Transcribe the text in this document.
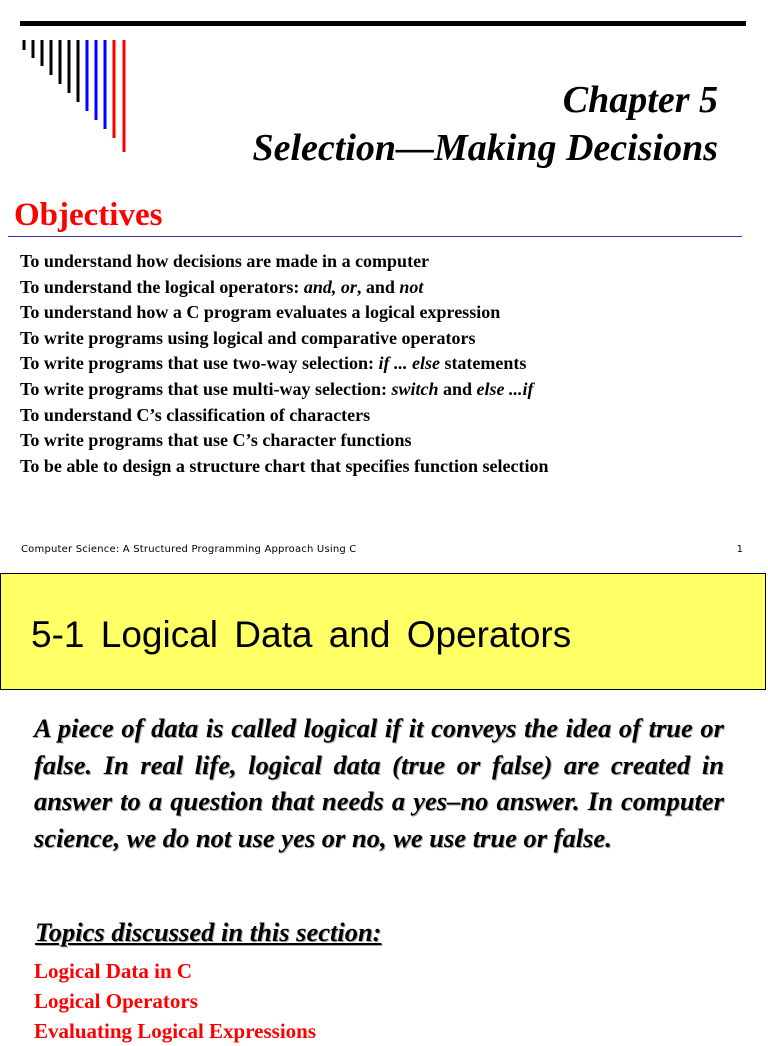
Chapter 5
Selection—Making Decisions
Objectives
To understand how decisions are made in a computer
To understand the logical operators: and, or, and not
To understand how a C program evaluates a logical expression
To write programs using logical and comparative operators
To write programs that use two-way selection: if ... else statements
To write programs that use multi-way selection: switch and else ...if
To understand C’s classification of characters
To write programs that use C’s character functions
To be able to design a structure chart that specifies function selection
Computer Science: A Structured Programming Approach Using C	1
5-1 Logical Data and Operators

A piece of data is called logical if it conveys the idea of true or false. In real life, logical data (true or false) are created in answer to a question that needs a yes–no answer. In computer science, we do not use yes or no, we use true or false.

Topics discussed in this section:
Logical Data in C
Logical Operators
Evaluating Logical Expressions
